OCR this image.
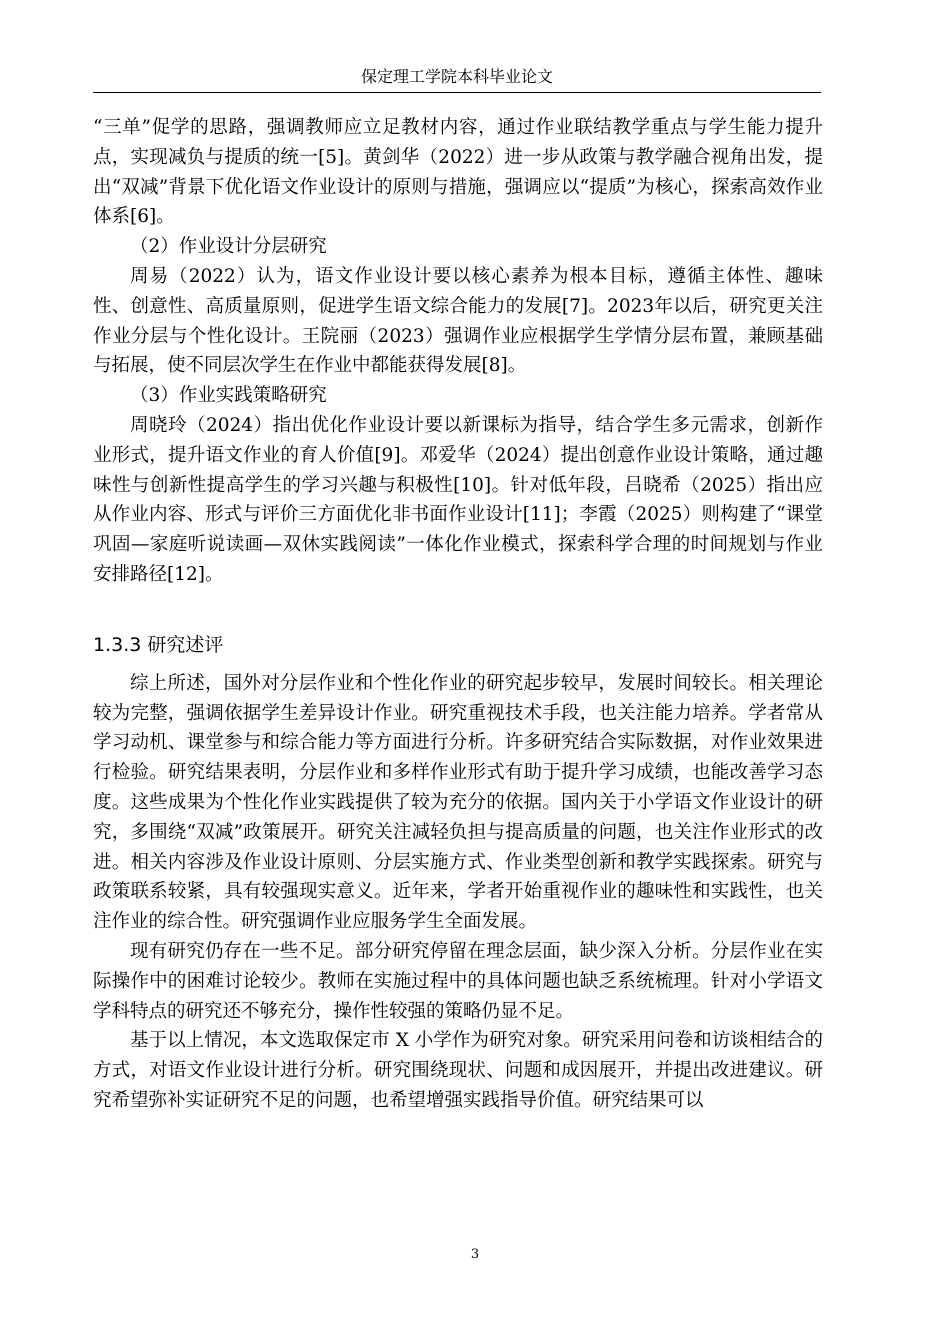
保定理工学院本科毕业论文

“三单”促学的思路，强调教师应立足教材内容，通过作业联结教学重点与学生能力提升点，实现减负与提质的统一[5]。黄剑华（2022）进一步从政策与教学融合视角出发，提出“双减”背景下优化语文作业设计的原则与措施，强调应以“提质”为核心，探索高效作业体系[6]。

（2）作业设计分层研究

周易（2022）认为，语文作业设计要以核心素养为根本目标，遵循主体性、趣味性、创意性、高质量原则，促进学生语文综合能力的发展[7]。2023年以后，研究更关注作业分层与个性化设计。王院丽（2023）强调作业应根据学生学情分层布置，兼顾基础与拓展，使不同层次学生在作业中都能获得发展[8]。

（3）作业实践策略研究

周晓玲（2024）指出优化作业设计要以新课标为指导，结合学生多元需求，创新作业形式，提升语文作业的育人价值[9]。邓爱华（2024）提出创意作业设计策略，通过趣味性与创新性提高学生的学习兴趣与积极性[10]。针对低年段，吕晓希（2025）指出应从作业内容、形式与评价三方面优化非书面作业设计[11]；李霞（2025）则构建了“课堂巩固—家庭听说读画—双休实践阅读”一体化作业模式，探索科学合理的时间规划与作业安排路径[12]。

1.3.3 研究述评

综上所述，国外对分层作业和个性化作业的研究起步较早，发展时间较长。相关理论较为完整，强调依据学生差异设计作业。研究重视技术手段，也关注能力培养。学者常从学习动机、课堂参与和综合能力等方面进行分析。许多研究结合实际数据，对作业效果进行检验。研究结果表明，分层作业和多样作业形式有助于提升学习成绩，也能改善学习态度。这些成果为个性化作业实践提供了较为充分的依据。国内关于小学语文作业设计的研究，多围绕“双减”政策展开。研究关注减轻负担与提高质量的问题，也关注作业形式的改进。相关内容涉及作业设计原则、分层实施方式、作业类型创新和教学实践探索。研究与政策联系较紧，具有较强现实意义。近年来，学者开始重视作业的趣味性和实践性，也关注作业的综合性。研究强调作业应服务学生全面发展。

现有研究仍存在一些不足。部分研究停留在理念层面，缺少深入分析。分层作业在实际操作中的困难讨论较少。教师在实施过程中的具体问题也缺乏系统梳理。针对小学语文学科特点的研究还不够充分，操作性较强的策略仍显不足。

基于以上情况，本文选取保定市 X 小学作为研究对象。研究采用问卷和访谈相结合的方式，对语文作业设计进行分析。研究围绕现状、问题和成因展开，并提出改进建议。研究希望弥补实证研究不足的问题，也希望增强实践指导价值。研究结果可以

3
